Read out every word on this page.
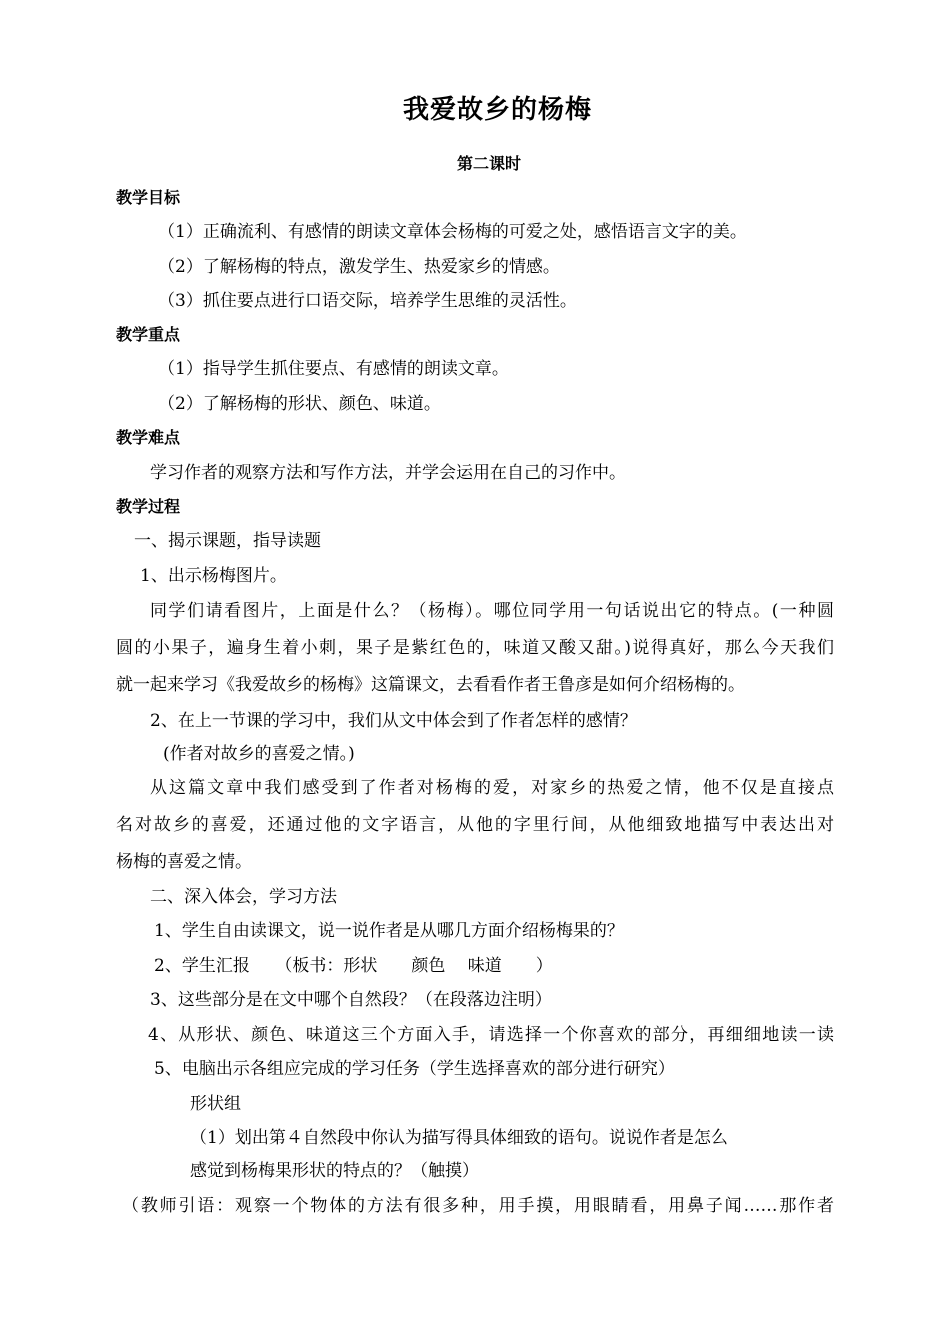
我爱故乡的杨梅
第二课时
教学目标
（1）正确流利、有感情的朗读文章体会杨梅的可爱之处，感悟语言文字的美。
（2）了解杨梅的特点，激发学生、热爱家乡的情感。
（3）抓住要点进行口语交际，培养学生思维的灵活性。
教学重点
（1）指导学生抓住要点、有感情的朗读文章。
（2）了解杨梅的形状、颜色、味道。
教学难点
学习作者的观察方法和写作方法，并学会运用在自己的习作中。
教学过程
一、揭示课题，指导读题
1、出示杨梅图片。
同学们请看图片，上面是什么？（杨梅）。哪位同学用一句话说出它的特点。(一种圆
圆的小果子，遍身生着小刺，果子是紫红色的，味道又酸又甜。)说得真好，那么今天我们
就一起来学习《我爱故乡的杨梅》这篇课文，去看看作者王鲁彦是如何介绍杨梅的。
2、在上一节课的学习中，我们从文中体会到了作者怎样的感情？
(作者对故乡的喜爱之情。)
从这篇文章中我们感受到了作者对杨梅的爱，对家乡的热爱之情，他不仅是直接点
名对故乡的喜爱，还通过他的文字语言，从他的字里行间，从他细致地描写中表达出对
杨梅的喜爱之情。
二、深入体会，学习方法
1、学生自由读课文，说一说作者是从哪几方面介绍杨梅果的？
2、学生汇报　　（板书：形状　　颜色　 味道　　）
3、这些部分是在文中哪个自然段？（在段落边注明）
4、从形状、颜色、味道这三个方面入手，请选择一个你喜欢的部分，再细细地读一读
5、电脑出示各组应完成的学习任务（学生选择喜欢的部分进行研究）
形状组
（1）划出第４自然段中你认为描写得具体细致的语句。说说作者是怎么
感觉到杨梅果形状的特点的？（触摸）
（教师引语：观察一个物体的方法有很多种，用手摸，用眼睛看，用鼻子闻……那作者
